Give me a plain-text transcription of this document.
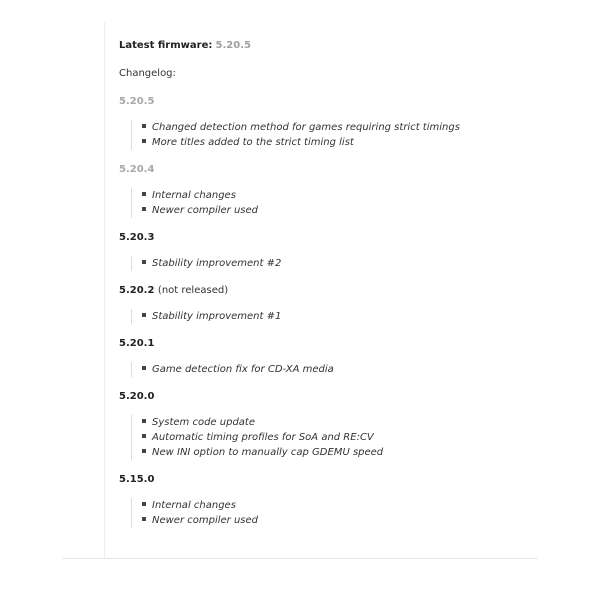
Latest firmware: 5.20.5
Changelog:
5.20.5
Changed detection method for games requiring strict timings
More titles added to the strict timing list
5.20.4
Internal changes
Newer compiler used
5.20.3
Stability improvement #2
5.20.2 (not released)
Stability improvement #1
5.20.1
Game detection fix for CD-XA media
5.20.0
System code update
Automatic timing profiles for SoA and RE:CV
New INI option to manually cap GDEMU speed
5.15.0
Internal changes
Newer compiler used
